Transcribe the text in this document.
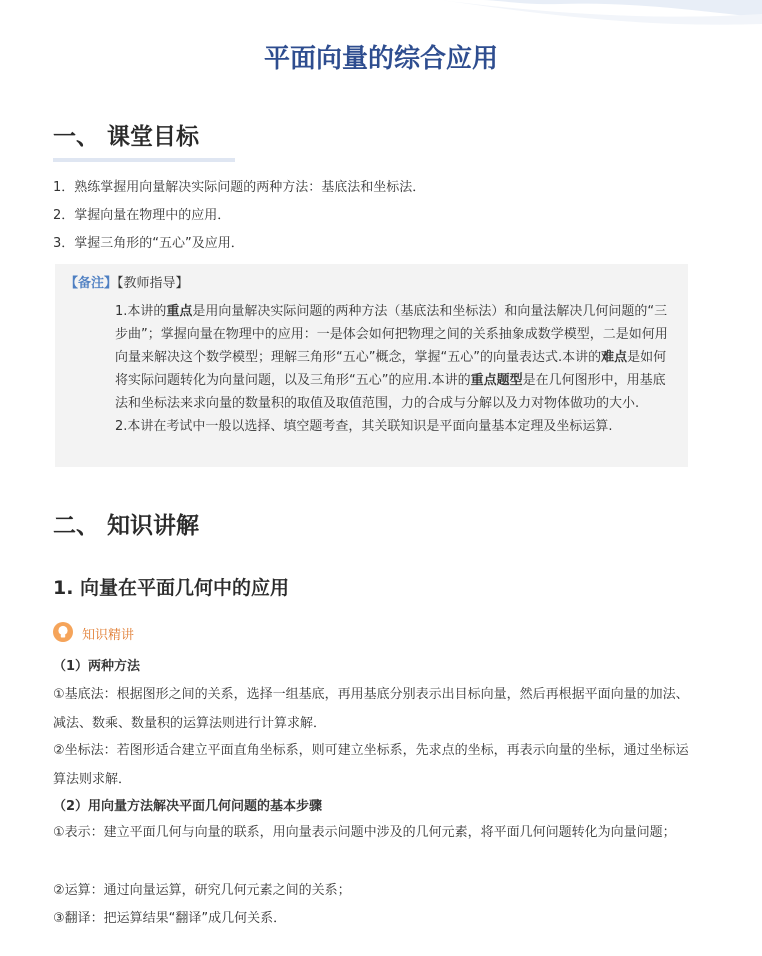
平面向量的综合应用
一、 课堂目标

1．熟练掌握用向量解决实际问题的两种方法：基底法和坐标法．

2．掌握向量在物理中的应用．

3．掌握三角形的“五心”及应用．

【备注】【教师指导】

1.本讲的重点是用向量解决实际问题的两种方法（基底法和坐标法）和向量法解决几何问题的“三步曲”；掌握向量在物理中的应用：一是体会如何把物理之间的关系抽象成数学模型，二是如何用向量来解决这个数学模型；理解三角形“五心”概念，掌握“五心”的向量表达式.本讲的难点是如何将实际问题转化为向量问题，以及三角形“五心”的应用.本讲的重点题型是在几何图形中，用基底法和坐标法来求向量的数量积的取值及取值范围，力的合成与分解以及力对物体做功的大小.

2.本讲在考试中一般以选择、填空题考查，其关联知识是平面向量基本定理及坐标运算.

二、 知识讲解
1. 向量在平面几何中的应用
知识精讲

（1）两种方法

①基底法：根据图形之间的关系，选择一组基底，再用基底分别表示出目标向量，然后再根据平面向量的加法、减法、数乘、数量积的运算法则进行计算求解．

②坐标法：若图形适合建立平面直角坐标系，则可建立坐标系，先求点的坐标，再表示向量的坐标，通过坐标运算法则求解．

（2）用向量方法解决平面几何问题的基本步骤

①表示：建立平面几何与向量的联系，用向量表示问题中涉及的几何元素，将平面几何问题转化为向量问题；

②运算：通过向量运算，研究几何元素之间的关系；

③翻译：把运算结果“翻译”成几何关系．
